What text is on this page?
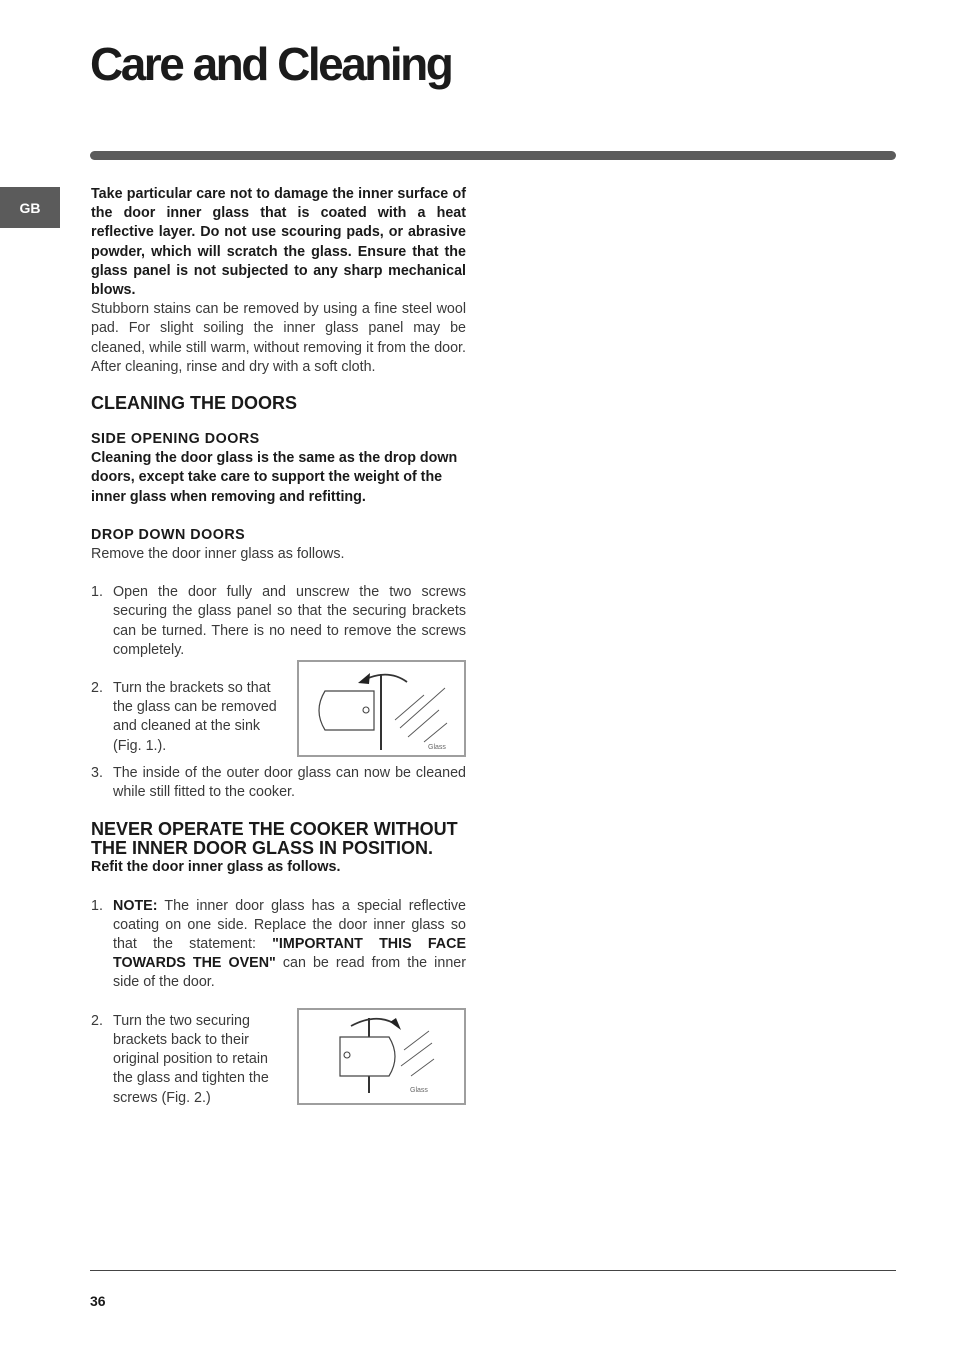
Care and Cleaning
GB

Take particular care not to damage the inner surface of the door inner glass that is coated with a heat reflective layer. Do not use scouring pads, or abrasive powder, which will scratch the glass. Ensure that the glass panel is not subjected to any sharp mechanical blows.

Stubborn stains can be removed by using a fine steel wool pad. For slight soiling the inner glass panel may be cleaned, while still warm, without removing it from the door. After cleaning, rinse and dry with a soft cloth.

CLEANING THE DOORS
SIDE OPENING DOORS

Cleaning the door glass is the same as the drop down doors, except take care to support the weight of the inner glass when removing and refitting.

DROP DOWN DOORS

Remove the door inner glass as follows.

1. Open the door fully and unscrew the two screws securing the glass panel so that the securing brackets can be turned. There is no need to remove the screws completely.
2. Turn the brackets so that the glass can be removed and cleaned at the sink (Fig. 1.).	Glass
3. The inside of the outer door glass can now be cleaned while still fitted to the cooker.
NEVER OPERATE THE COOKER WITHOUT THE INNER DOOR GLASS IN POSITION.

Refit the door inner glass as follows.

1. NOTE: The inner door glass has a special reflective coating on one side. Replace the door inner glass so that the statement: "IMPORTANT THIS FACE TOWARDS THE OVEN" can be read from the inner side of the door.
2. Turn the two securing brackets back to their original position to retain the glass and tighten the screws (Fig. 2.)	Glass
36
